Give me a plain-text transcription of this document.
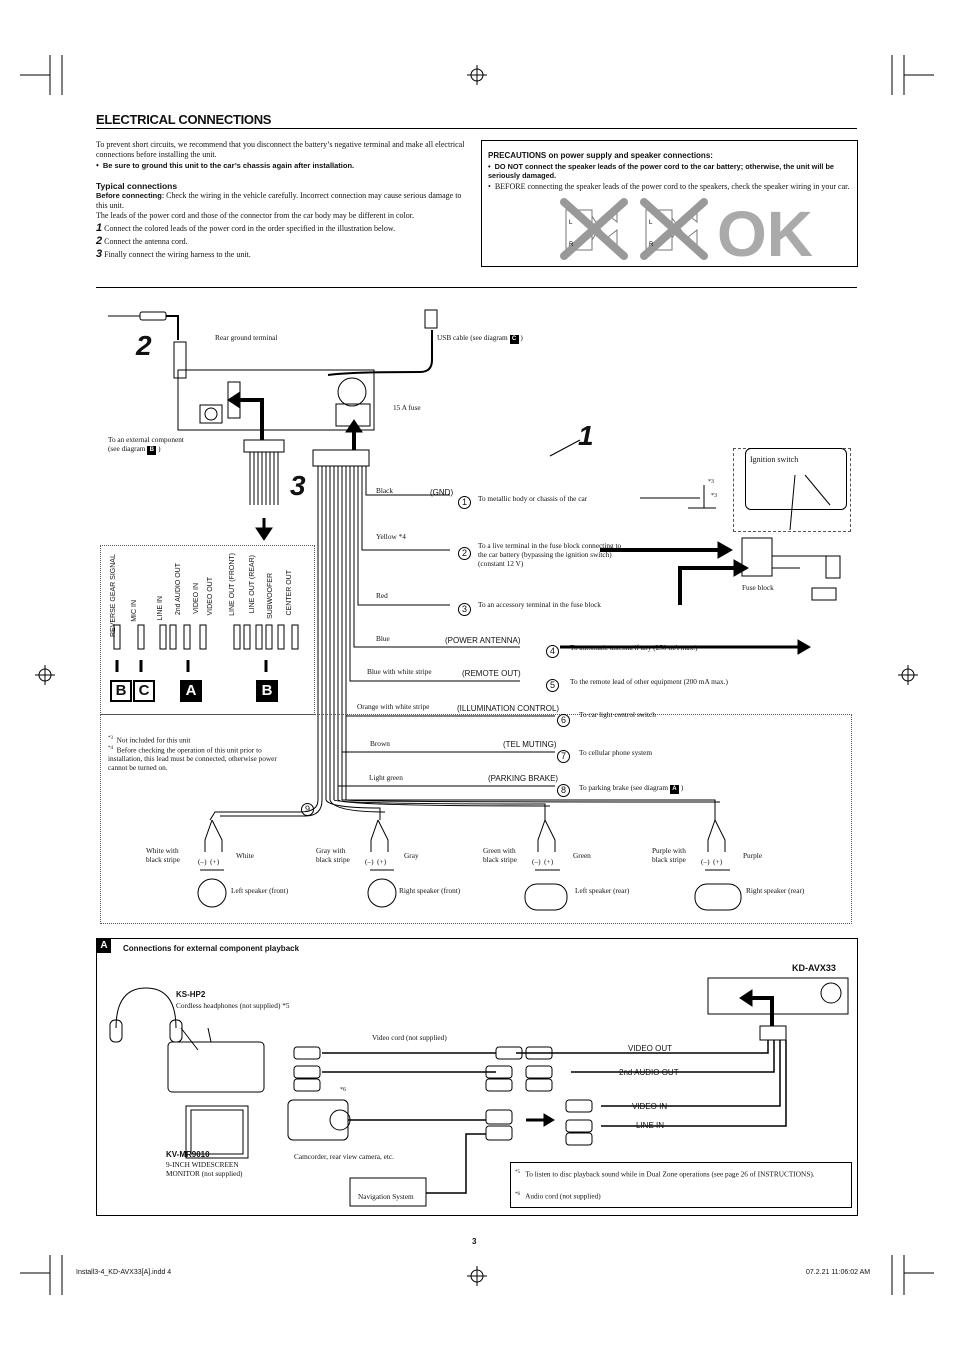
ELECTRICAL CONNECTIONS
To prevent short circuits, we recommend that you disconnect the battery’s negative terminal and make all electrical connections before installing the unit.
•  Be sure to ground this unit to the car’s chassis again after installation.
Typical connections
Before connecting: Check the wiring in the vehicle carefully. Incorrect connection may cause serious damage to this unit.
The leads of the power cord and those of the connector from the car body may be different in color.
1 Connect the colored leads of the power cord in the order specified in the illustration below.
2 Connect the antenna cord.
3 Finally connect the wiring harness to the unit.
PRECAUTIONS on power supply and speaker connections:
•  DO NOT connect the speaker leads of the power cord to the car battery; otherwise, the unit will be seriously damaged.
•  BEFORE connecting the speaker leads of the power cord to the speakers, check the speaker wiring in your car.
OK
L
R
L
R
Ignition switch
2
3
1
Rear ground terminal	USB cable (see diagram C )
15 A fuse
To an external component
(see diagram B )
Fuse block
*3
*3
Black	(GND)
1	To metallic body or chassis of the car
Yellow *4
2
To a live terminal in the fuse block connecting to the car battery (bypassing the ignition switch) (constant 12 V)
Red
3	To an accessory terminal in the fuse block
Blue	(POWER ANTENNA)
4	To automatic antenna if any (250 mA max.)
Blue with white stripe	(REMOTE OUT)
5	To the remote lead of other equipment (200 mA max.)
Orange with white stripe	(ILLUMINATION CONTROL)
6
To car light control switch
Brown	(TEL MUTING)
7	To cellular phone system
Light green	(PARKING BRAKE)
8	To parking brake (see diagram A )
9
REVERSE GEAR SIGNAL MIC IN	LINE IN 2nd AUDIO OUT VIDEO IN VIDEO OUT LINE OUT (FRONT) LINE OUT (REAR) SUBWOOFER CENTER OUT
B C	A	B
$^{*3}$ Not included for this unit
$^{*4}$ Before checking the operation of this unit prior to installation, this lead must be connected, otherwise power cannot be turned on.
White with black stripe	White
Left speaker (front)
Gray with black stripe	Gray
Right speaker (front)
Green with black stripe	Green
Left speaker (rear)
Purple with black stripe	Purple
Right speaker (rear)
(–) (+)	(–) (+)	(–) (+)	(–) (+)
A	Connections for external component playback
KD-AVX33
KS-HP2
Cordless headphones (not supplied) *5
Video cord (not supplied)
VIDEO OUT
2nd AUDIO OUT
VIDEO IN
LINE IN
*6
KV-MR9010
9-INCH WIDESCREEN MONITOR (not supplied)
Camcorder, rear view camera, etc.
Navigation System
$^{*5}$ To listen to disc playback sound while in Dual Zone operations (see page 26 of INSTRUCTIONS).
$^{*6}$ Audio cord (not supplied)
3
Install3-4_KD-AVX33[A].indd 4	07.2.21 11:06:02 AM
